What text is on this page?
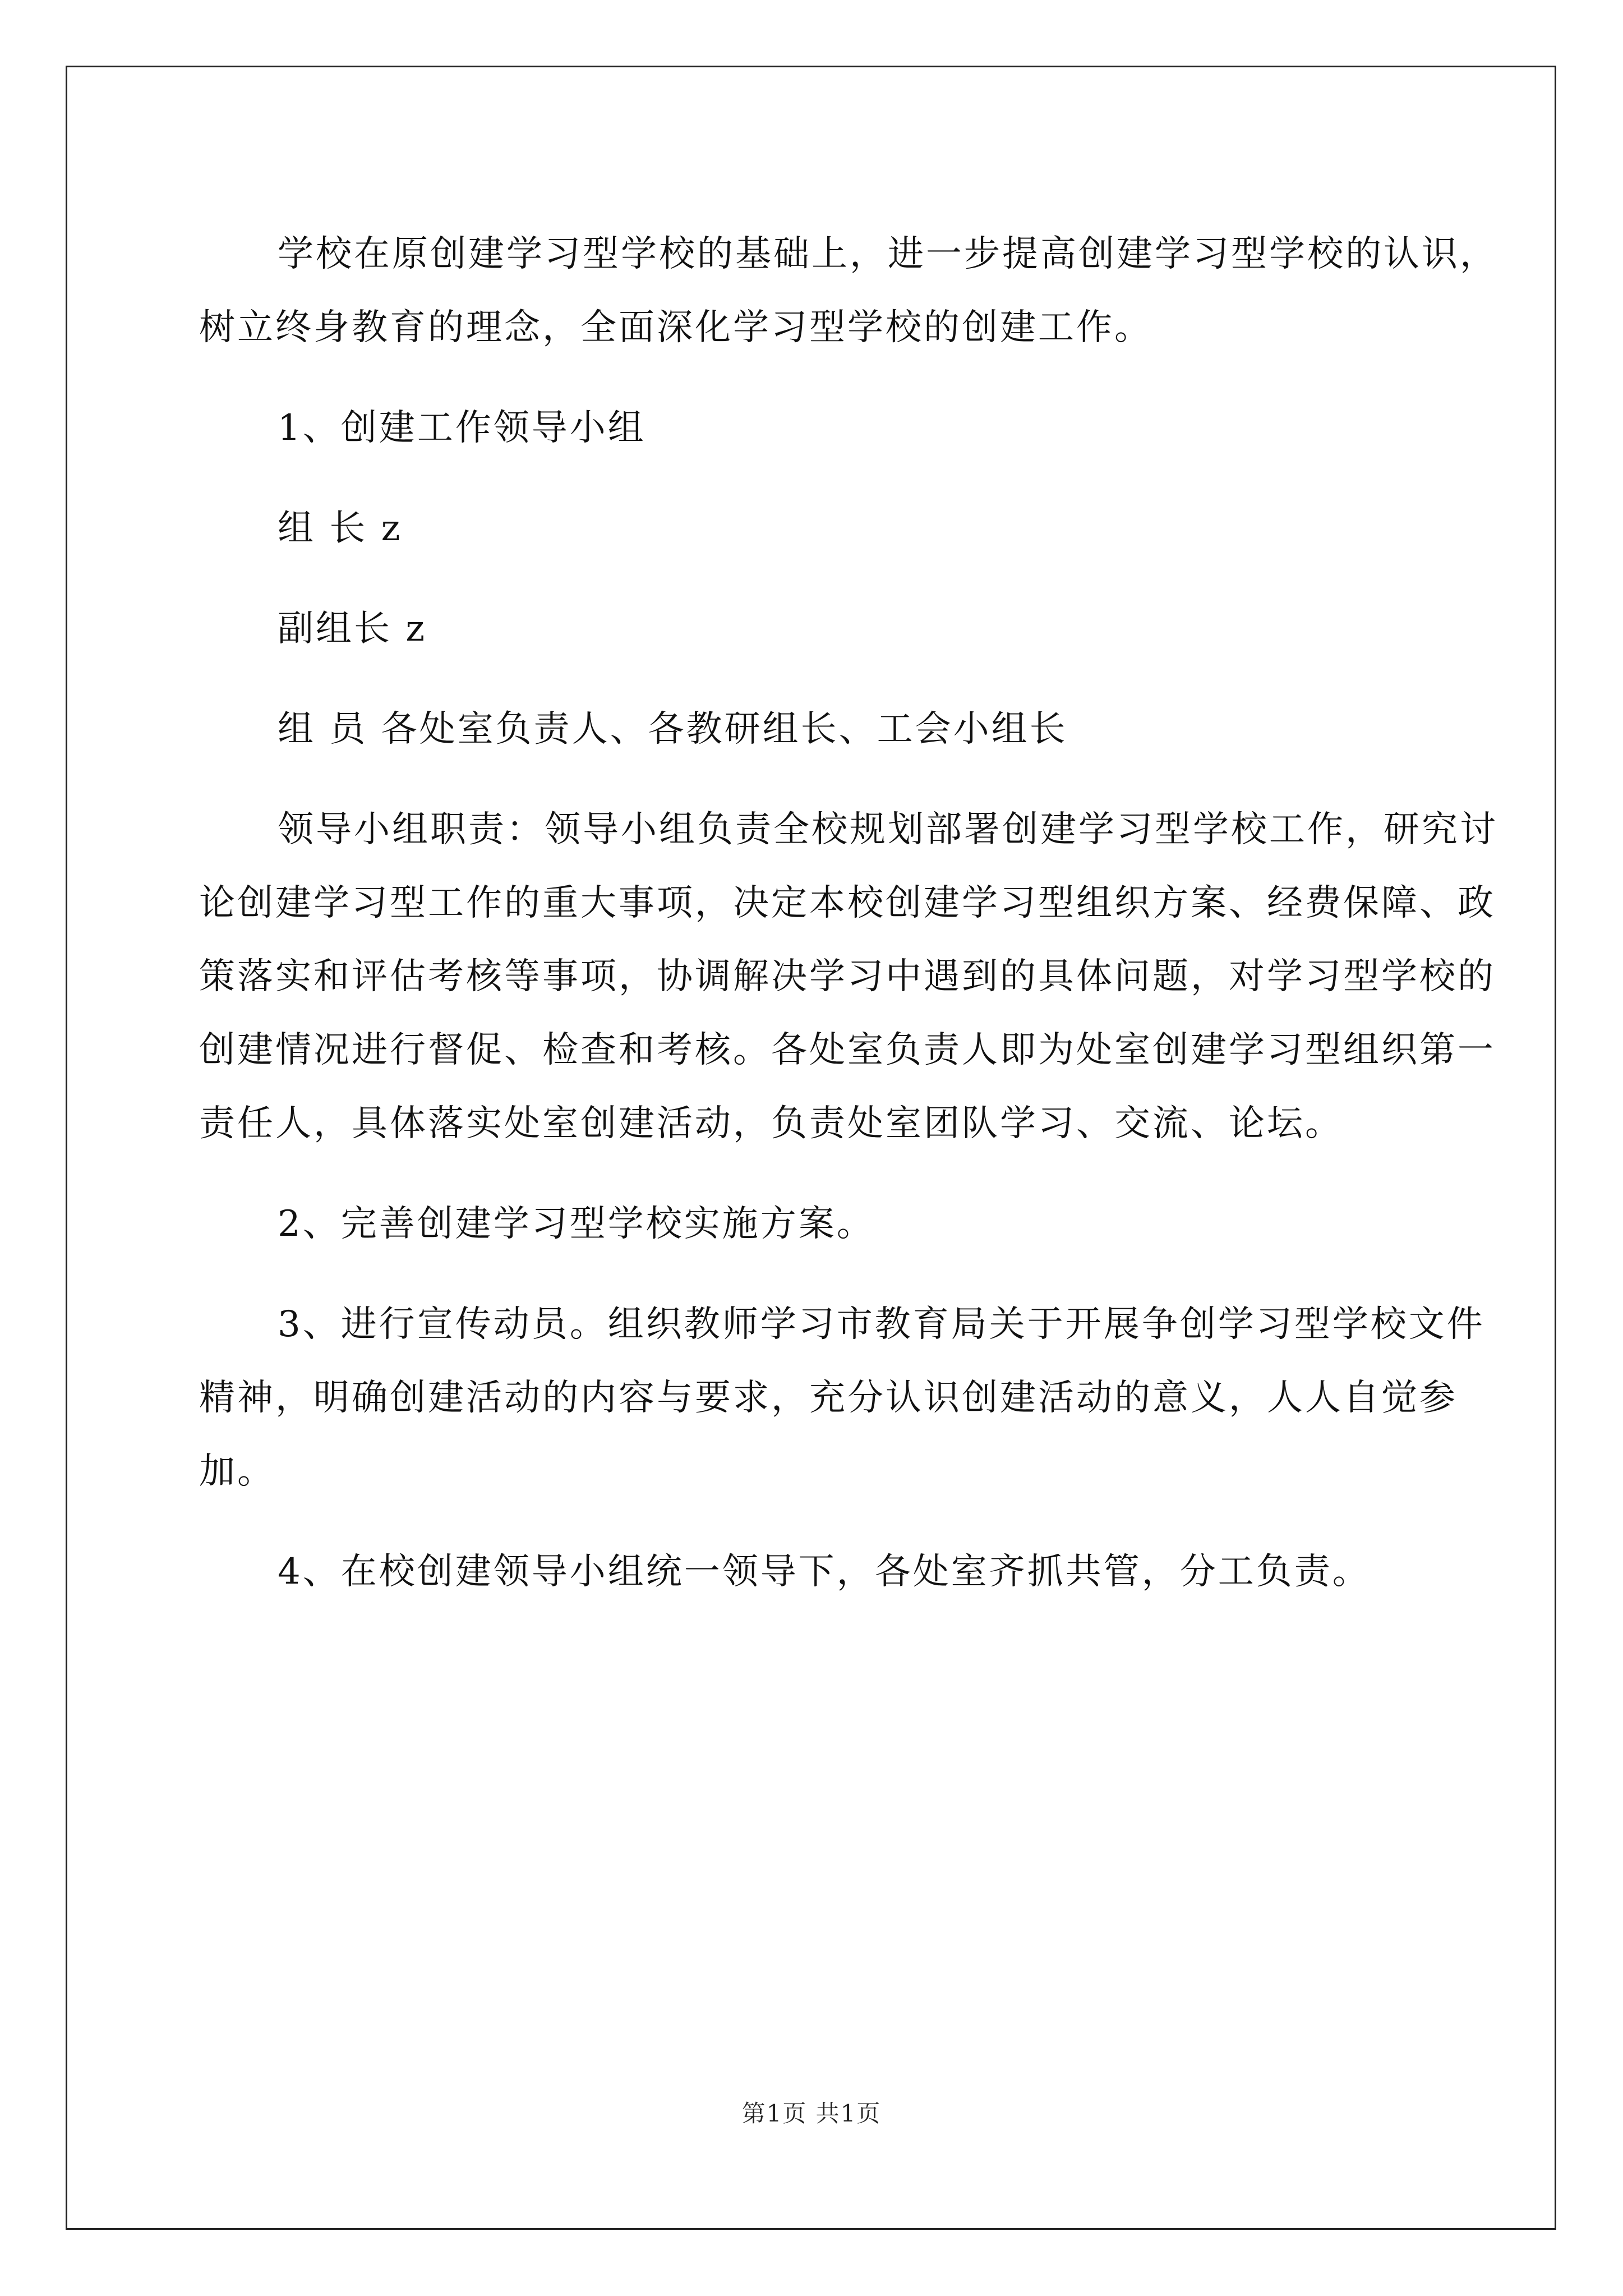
学校在原创建学习型学校的基础上，进一步提高创建学习型学校的认识，树立终身教育的理念，全面深化学习型学校的创建工作。

1、创建工作领导小组

组 长 z

副组长 z

组 员 各处室负责人、各教研组长、工会小组长

领导小组职责：领导小组负责全校规划部署创建学习型学校工作，研究讨论创建学习型工作的重大事项，决定本校创建学习型组织方案、经费保障、政策落实和评估考核等事项，协调解决学习中遇到的具体问题，对学习型学校的创建情况进行督促、检查和考核。各处室负责人即为处室创建学习型组织第一责任人，具体落实处室创建活动，负责处室团队学习、交流、论坛。

2、完善创建学习型学校实施方案。

3、进行宣传动员。组织教师学习市教育局关于开展争创学习型学校文件精神，明确创建活动的内容与要求，充分认识创建活动的意义，人人自觉参加。

4、在校创建领导小组统一领导下，各处室齐抓共管，分工负责。

第1页 共1页
